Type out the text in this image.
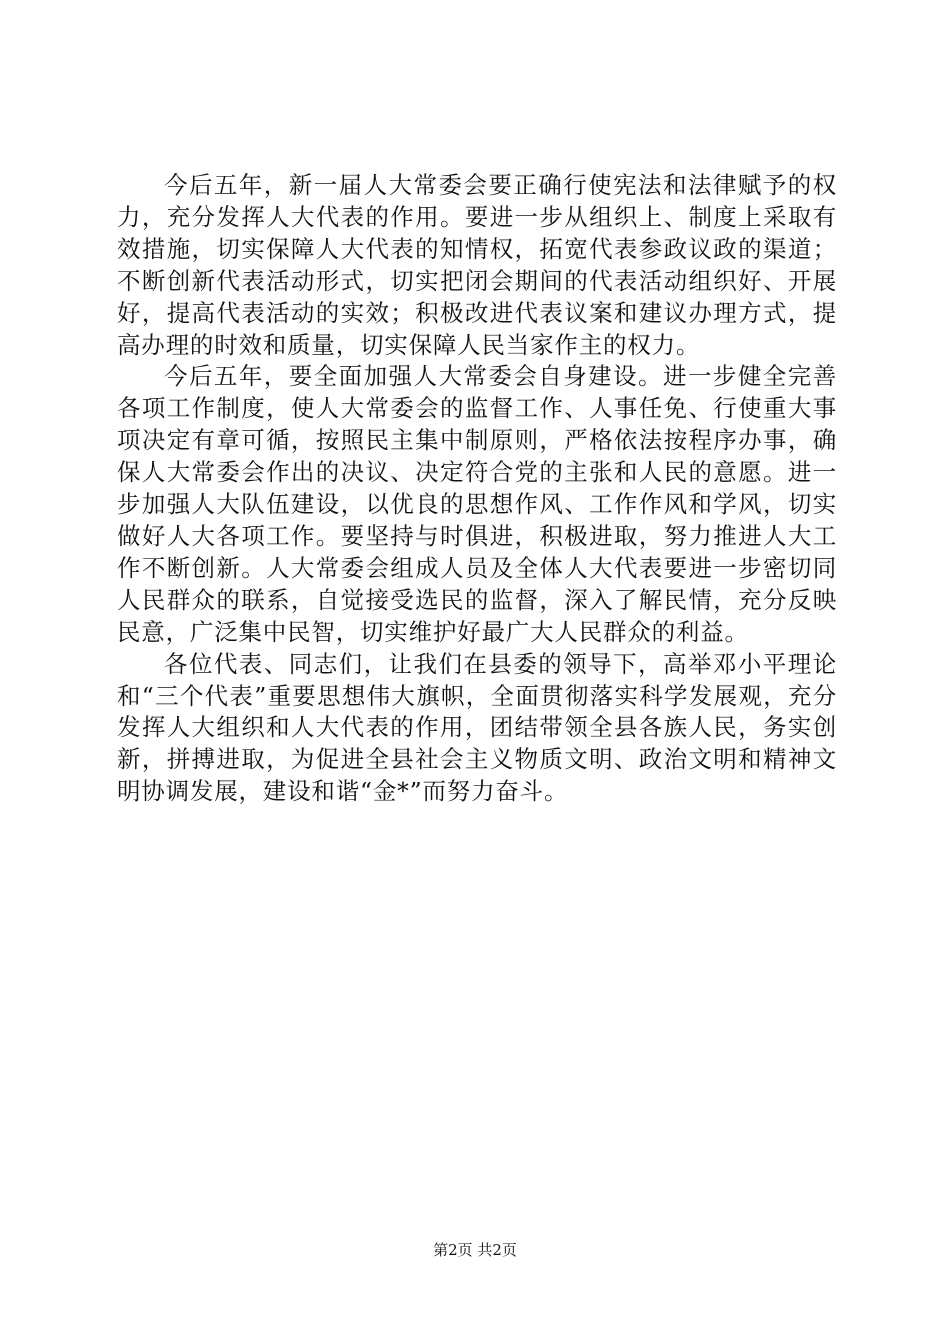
今后五年，新一届人大常委会要正确行使宪法和法律赋予的权力，充分发挥人大代表的作用。要进一步从组织上、制度上采取有效措施，切实保障人大代表的知情权，拓宽代表参政议政的渠道；不断创新代表活动形式，切实把闭会期间的代表活动组织好、开展好，提高代表活动的实效；积极改进代表议案和建议办理方式，提高办理的时效和质量，切实保障人民当家作主的权力。

今后五年，要全面加强人大常委会自身建设。进一步健全完善各项工作制度，使人大常委会的监督工作、人事任免、行使重大事项决定有章可循，按照民主集中制原则，严格依法按程序办事，确保人大常委会作出的决议、决定符合党的主张和人民的意愿。进一步加强人大队伍建设，以优良的思想作风、工作作风和学风，切实做好人大各项工作。要坚持与时俱进，积极进取，努力推进人大工作不断创新。人大常委会组成人员及全体人大代表要进一步密切同人民群众的联系，自觉接受选民的监督，深入了解民情，充分反映民意，广泛集中民智，切实维护好最广大人民群众的利益。

各位代表、同志们，让我们在县委的领导下，高举邓小平理论和“三个代表”重要思想伟大旗帜，全面贯彻落实科学发展观，充分发挥人大组织和人大代表的作用，团结带领全县各族人民，务实创新，拼搏进取，为促进全县社会主义物质文明、政治文明和精神文明协调发展，建设和谐“金*”而努力奋斗。

第2页 共2页
